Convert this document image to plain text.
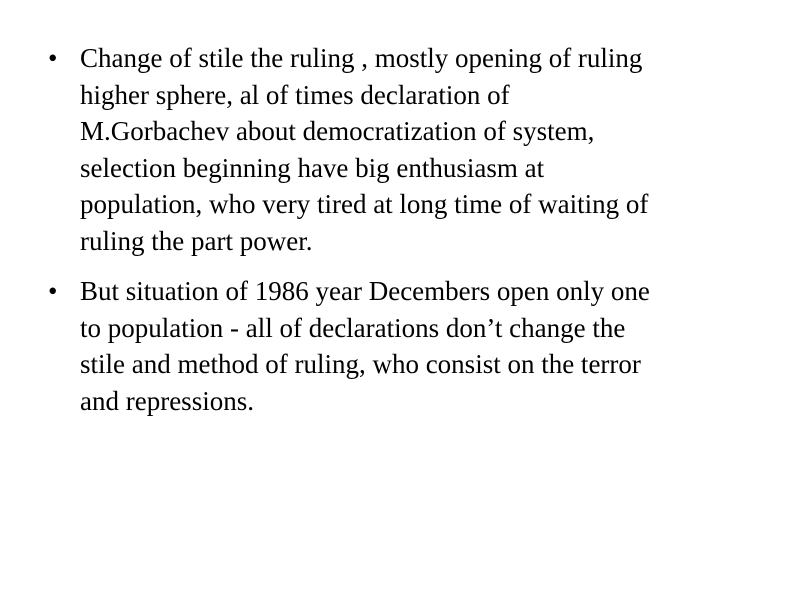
• Change of stile the ruling , mostly opening of ruling
higher sphere, al of times declaration of
M.Gorbachev about democratization of system,
selection beginning have big enthusiasm at
population, who very tired at long time of waiting of
ruling the part power.
• But situation of 1986 year Decembers open only one
to population - all of declarations don’t change the
stile and method of ruling, who consist on the terror
and repressions.
